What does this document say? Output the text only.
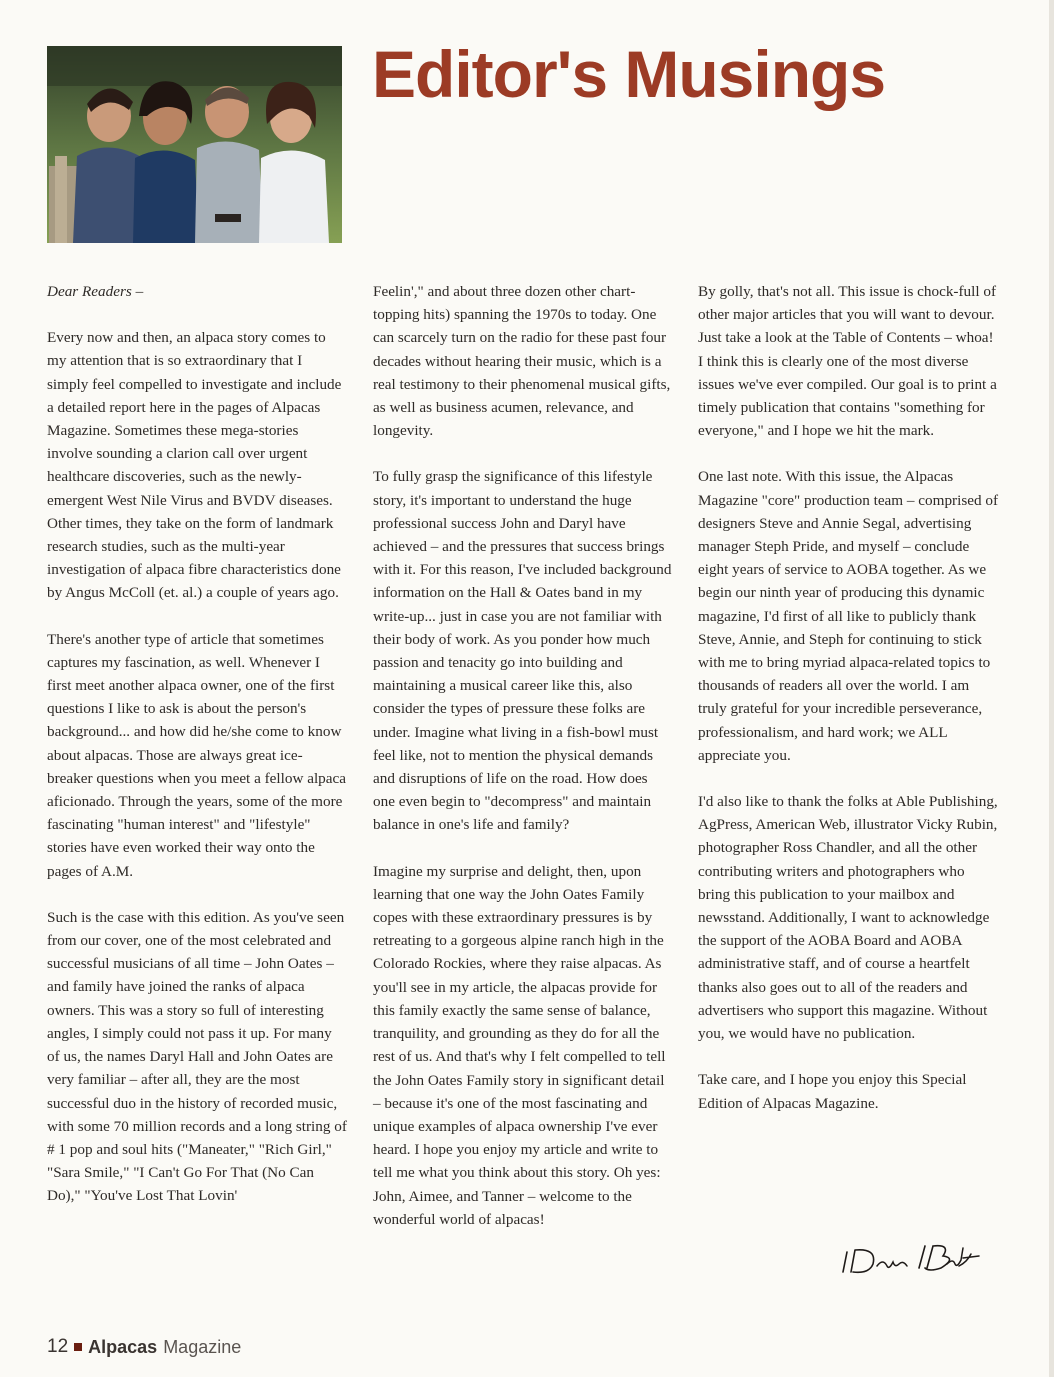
Editor's Musings

Dear Readers –

Every now and then, an alpaca story comes to my attention that is so extraordinary that I simply feel compelled to investigate and include a detailed report here in the pages of Alpacas Magazine. Sometimes these mega-stories involve sounding a clarion call over urgent healthcare discoveries, such as the newly-emergent West Nile Virus and BVDV diseases. Other times, they take on the form of landmark research studies, such as the multi-year investigation of alpaca fibre characteristics done by Angus McColl (et. al.) a couple of years ago.

There's another type of article that sometimes captures my fascination, as well. Whenever I first meet another alpaca owner, one of the first questions I like to ask is about the person's background... and how did he/she come to know about alpacas. Those are always great ice-breaker questions when you meet a fellow alpaca aficionado. Through the years, some of the more fascinating "human interest" and "lifestyle" stories have even worked their way onto the pages of A.M.

Such is the case with this edition. As you've seen from our cover, one of the most celebrated and successful musicians of all time – John Oates – and family have joined the ranks of alpaca owners. This was a story so full of interesting angles, I simply could not pass it up. For many of us, the names Daryl Hall and John Oates are very familiar – after all, they are the most successful duo in the history of recorded music, with some 70 million records and a long string of # 1 pop and soul hits ("Maneater," "Rich Girl," "Sara Smile," "I Can't Go For That (No Can Do)," "You've Lost That Lovin'

Feelin'," and about three dozen other chart-topping hits) spanning the 1970s to today. One can scarcely turn on the radio for these past four decades without hearing their music, which is a real testimony to their phenomenal musical gifts, as well as business acumen, relevance, and longevity.

To fully grasp the significance of this lifestyle story, it's important to understand the huge professional success John and Daryl have achieved – and the pressures that success brings with it. For this reason, I've included background information on the Hall & Oates band in my write-up... just in case you are not familiar with their body of work. As you ponder how much passion and tenacity go into building and maintaining a musical career like this, also consider the types of pressure these folks are under. Imagine what living in a fish-bowl must feel like, not to mention the physical demands and disruptions of life on the road. How does one even begin to "decompress" and maintain balance in one's life and family?

Imagine my surprise and delight, then, upon learning that one way the John Oates Family copes with these extraordinary pressures is by retreating to a gorgeous alpine ranch high in the Colorado Rockies, where they raise alpacas. As you'll see in my article, the alpacas provide for this family exactly the same sense of balance, tranquility, and grounding as they do for all the rest of us. And that's why I felt compelled to tell the John Oates Family story in significant detail – because it's one of the most fascinating and unique examples of alpaca ownership I've ever heard. I hope you enjoy my article and write to tell me what you think about this story. Oh yes: John, Aimee, and Tanner – welcome to the wonderful world of alpacas!

By golly, that's not all. This issue is chock-full of other major articles that you will want to devour. Just take a look at the Table of Contents – whoa! I think this is clearly one of the most diverse issues we've ever compiled. Our goal is to print a timely publication that contains "something for everyone," and I hope we hit the mark.

One last note. With this issue, the Alpacas Magazine "core" production team – comprised of designers Steve and Annie Segal, advertising manager Steph Pride, and myself – conclude eight years of service to AOBA together. As we begin our ninth year of producing this dynamic magazine, I'd first of all like to publicly thank Steve, Annie, and Steph for continuing to stick with me to bring myriad alpaca-related topics to thousands of readers all over the world. I am truly grateful for your incredible perseverance, professionalism, and hard work; we ALL appreciate you.

I'd also like to thank the folks at Able Publishing, AgPress, American Web, illustrator Vicky Rubin, photographer Ross Chandler, and all the other contributing writers and photographers who bring this publication to your mailbox and newsstand. Additionally, I want to acknowledge the support of the AOBA Board and AOBA administrative staff, and of course a heartfelt thanks also goes out to all of the readers and advertisers who support this magazine. Without you, we would have no publication.

Take care, and I hope you enjoy this Special Edition of Alpacas Magazine.

12 Alpacas Magazine
